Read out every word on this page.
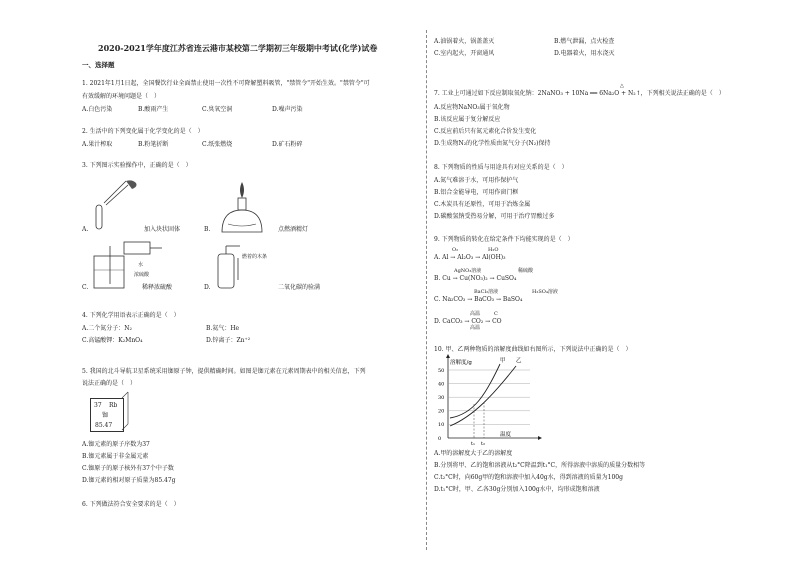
2020-2021学年度江苏省连云港市某校第二学期初三年级期中考试(化学)试卷
一、选择题
1. 2021年1月1日起，全国餐饮行业全面禁止使用一次性不可降解塑料吸管，"禁管令"开始生效。"禁管令"可
有效缓解的环境问题是（　）
A.白色污染	B.酸雨产生	C.臭氧空洞	D.噪声污染
2. 生活中的下列变化属于化学变化的是（　）
A.果汁榨取	B.粉笔折断	C.纸张燃烧	D.矿石粉碎
3. 下列图示实验操作中，正确的是（　）
A.	加入块状固体	B.	点燃酒精灯
水
浓硫酸
C.	稀释浓硫酸
燃着的木条
D.	二氧化碳的验满
4. 下列化学用语表示正确的是（　）
A.二个氮分子：N₂	B.氦气：He
C.高锰酸钾：K₂MnO₄	D.锌离子：Zn⁺²
5. 我国的北斗导航卫星系统采用铷原子钟，提供精确时间。如图是铷元素在元素周期表中的相关信息，下列
说法正确的是（　）
37 Rb
铷
85.47
A.铷元素的原子序数为37
B.铷元素属于非金属元素
C.铷原子的原子核外有37个中子数
D.铷元素的相对原子质量为85.47g
6. 下列做法符合安全要求的是（　）
A.油锅着火，锅盖盖灭	B.燃气泄漏，点火检查
C.室内起火，开窗通风	D.电器着火，用水浇灭
△
7. 工业上可通过如下反应制取氧化钠：2NaNO₃ + 10Na ══ 6Na₂O + N₂↑，下列相关说法正确的是（　）
A.反应物NaNO₃属于氧化物
B.该反应属于复分解反应
C.反应前后只有氮元素化合价发生变化
D.生成物N₂的化学性质由氮气分子(N₂)保持
8. 下列物质的性质与用途具有对应关系的是（　）
A.氮气难溶于水，可用作保护气
B.铝合金能导电，可用作窗门框
C.木炭具有还原性，可用于冶炼金属
D.碳酸氢钠受热易分解，可用于治疗胃酸过多
9. 下列物质的转化在给定条件下均能实现的是（　）
O₂	H₂O
A. Al → Al₂O₃ → Al(OH)₃
AgNO₃溶液	稀硫酸
B. Cu → Cu(NO₃)₂ → CuSO₄
BaCl₂溶液	H₂SO₄溶液
C. Na₂CO₃ → BaCO₃ → BaSO₄
高温	C
D. CaCO₃ → CO₂ → CO
高温
10. 甲、乙两种物质的溶解度曲线如右图所示，下列说法中正确的是（　）
50
40
30
20
10
0
溶解度/g
温度
甲 乙
t₁ t₂
A.甲的溶解度大于乙的溶解度
B.分别将甲、乙的饱和溶液从t₂°C降温到t₁°C，所得溶液中溶质的质量分数相等
C.t₂°C时，向60g甲的饱和溶液中加入40g水，得到溶液的质量为100g
D.t₁°C时，甲、乙各30g分别加入100g水中，均形成饱和溶液
